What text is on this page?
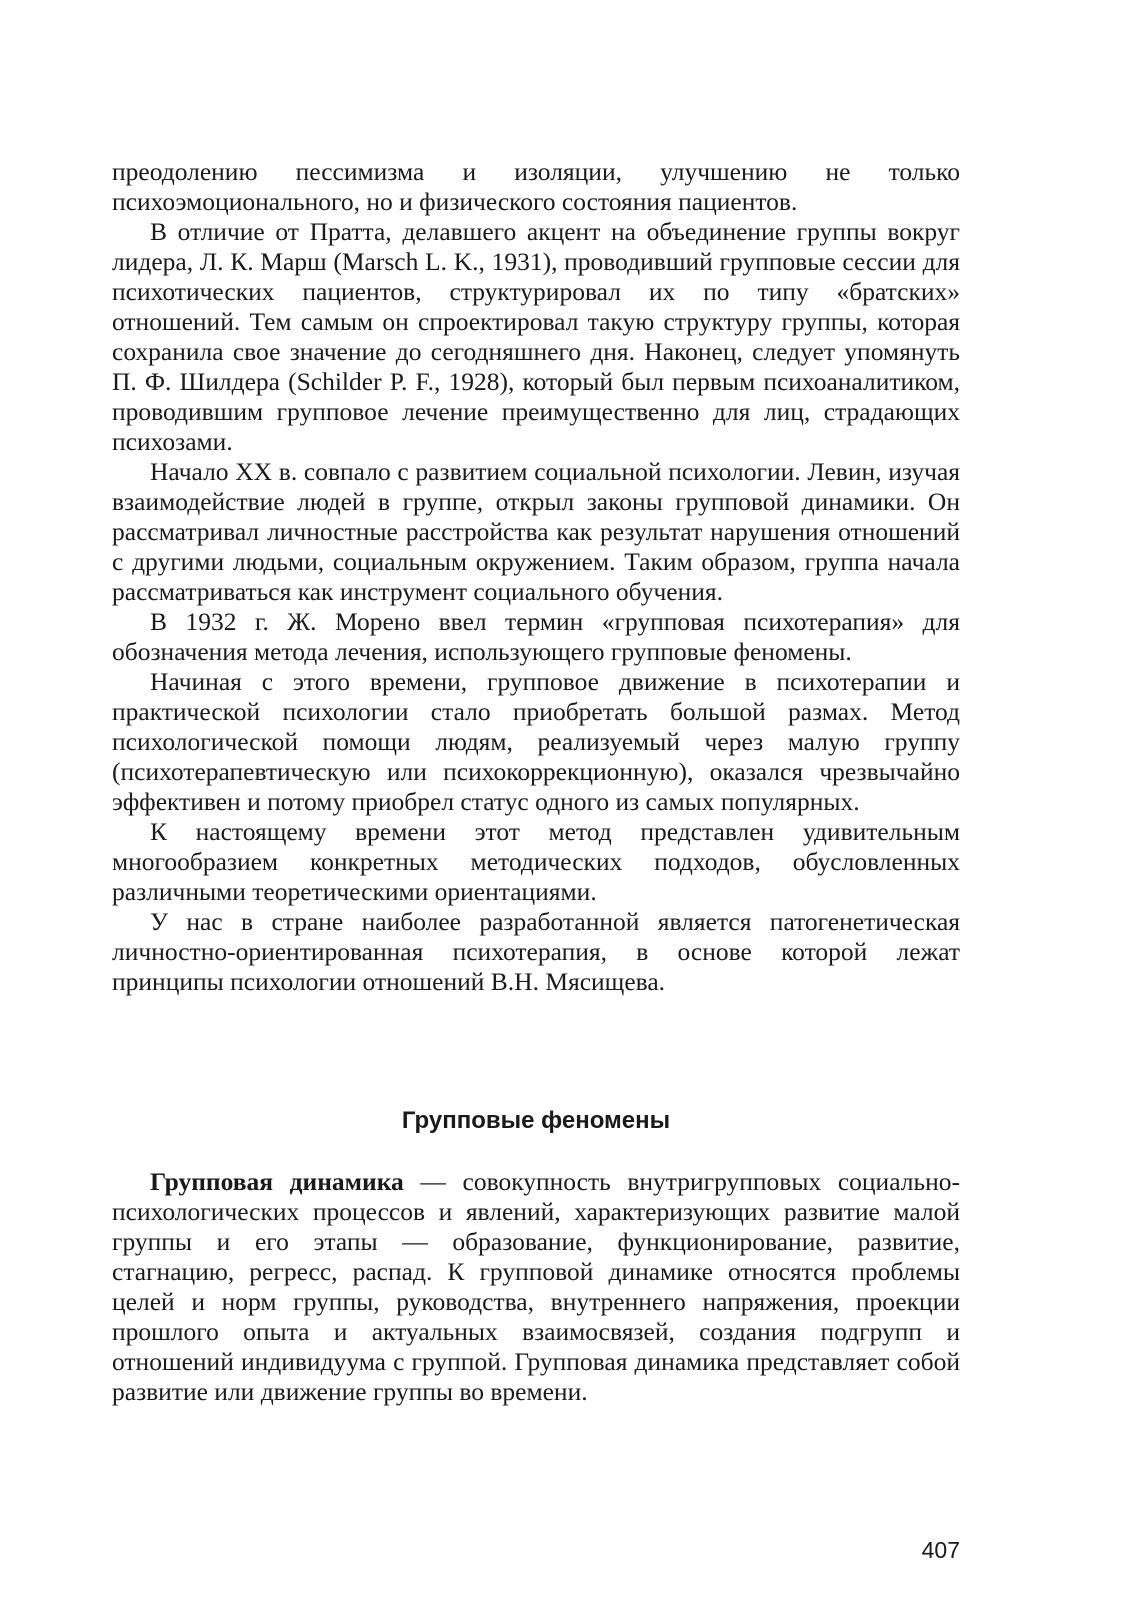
преодолению пессимизма и изоляции, улучшению не только психоэмоционального, но и физического состояния пациентов.

В отличие от Пратта, делавшего акцент на объединение группы вокруг лидера, Л. К. Марш (Marsch L. K., 1931), проводивший групповые сессии для психотических пациентов, структурировал их по типу «братских» отношений. Тем самым он спроектировал такую структуру группы, которая сохранила свое значение до сегодняшнего дня. Наконец, следует упомянуть П. Ф. Шилдера (Schilder P. F., 1928), который был первым психоаналитиком, проводившим групповое лечение преимущественно для лиц, страдающих психозами.

Начало XX в. совпало с развитием социальной психологии. Левин, изучая взаимодействие людей в группе, открыл законы групповой динамики. Он рассматривал личностные расстройства как результат нарушения отношений с другими людьми, социальным окружением. Таким образом, группа начала рассматриваться как инструмент социального обучения.

В 1932 г. Ж. Морено ввел термин «групповая психотерапия» для обозначения метода лечения, использующего групповые феномены.

Начиная с этого времени, групповое движение в психотерапии и практической психологии стало приобретать большой размах. Метод психологической помощи людям, реализуемый через малую группу (психотерапевтическую или психокоррекционную), оказался чрезвычайно эффективен и потому приобрел статус одного из самых популярных.

К настоящему времени этот метод представлен удивительным многообразием конкретных методических подходов, обусловленных различными теоретическими ориентациями.

У нас в стране наиболее разработанной является патогенетическая личностно-ориентированная психотерапия, в основе которой лежат принципы психологии отношений В.Н. Мясищева.

Групповые феномены

Групповая динамика — совокупность внутригрупповых социально-психологических процессов и явлений, характеризующих развитие малой группы и его этапы — образование, функционирование, развитие, стагнацию, регресс, распад. К групповой динамике относятся проблемы целей и норм группы, руководства, внутреннего напряжения, проекции прошлого опыта и актуальных взаимосвязей, создания подгрупп и отношений индивидуума с группой. Групповая динамика представляет собой развитие или движение группы во времени.

407
